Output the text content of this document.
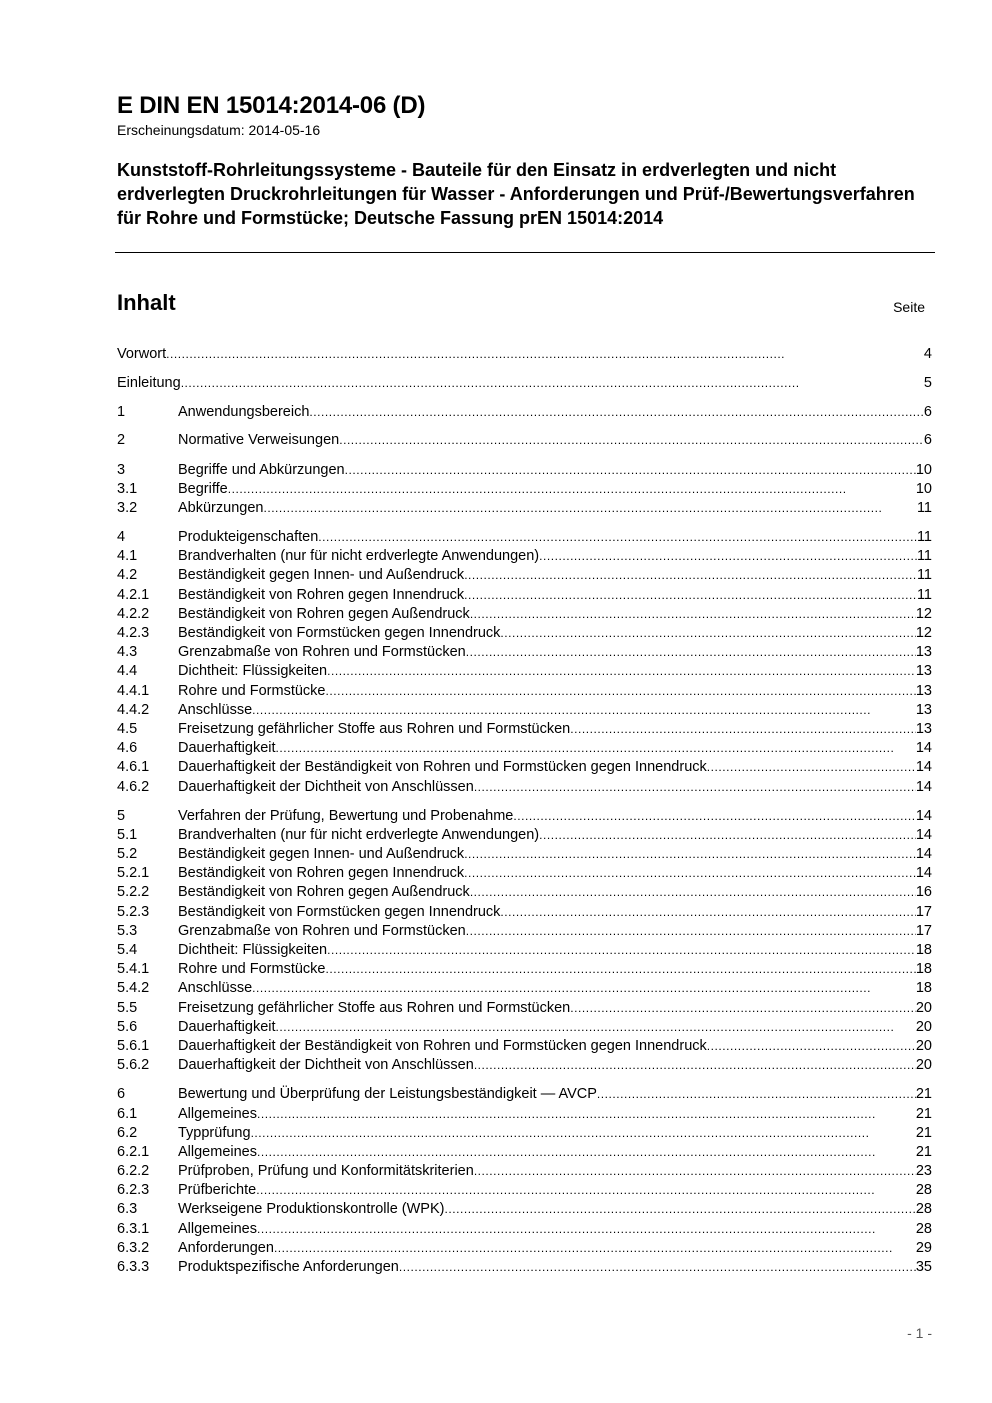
E DIN EN 15014:2014-06 (D)

Erscheinungsdatum: 2014-05-16

Kunststoff-Rohrleitungssysteme - Bauteile für den Einsatz in erdverlegten und nicht erdverlegten Druckrohrleitungen für Wasser - Anforderungen und Prüf-/Bewertungsverfahren für Rohre und Formstücke; Deutsche Fassung prEN 15014:2014
Inhalt	Seite

Vorwort . . .	4
Einleitung . . .	5
1	Anwendungsbereich . . .	6
2	Normative Verweisungen . . .	6
3	Begriffe und Abkürzungen . . .	10
3.1	Begriffe . . .	10
3.2	Abkürzungen . . .	11
4	Produkteigenschaften . . .	11
4.1	Brandverhalten (nur für nicht erdverlegte Anwendungen) . . .	11
4.2	Beständigkeit gegen Innen- und Außendruck . . .	11
4.2.1	Beständigkeit von Rohren gegen Innendruck . . .	11
4.2.2	Beständigkeit von Rohren gegen Außendruck . . .	12
4.2.3	Beständigkeit von Formstücken gegen Innendruck . . .	12
4.3	Grenzabmaße von Rohren und Formstücken . . .	13
4.4	Dichtheit: Flüssigkeiten . . .	13
4.4.1	Rohre und Formstücke . . .	13
4.4.2	Anschlüsse . . .	13
4.5	Freisetzung gefährlicher Stoffe aus Rohren und Formstücken . . .	13
4.6	Dauerhaftigkeit . . .	14
4.6.1	Dauerhaftigkeit der Beständigkeit von Rohren und Formstücken gegen Innendruck . . .	14
4.6.2	Dauerhaftigkeit der Dichtheit von Anschlüssen . . .	14
5	Verfahren der Prüfung, Bewertung und Probenahme . . .	14
5.1	Brandverhalten (nur für nicht erdverlegte Anwendungen) . . .	14
5.2	Beständigkeit gegen Innen- und Außendruck . . .	14
5.2.1	Beständigkeit von Rohren gegen Innendruck . . .	14
5.2.2	Beständigkeit von Rohren gegen Außendruck . . .	16
5.2.3	Beständigkeit von Formstücken gegen Innendruck . . .	17
5.3	Grenzabmaße von Rohren und Formstücken . . .	17
5.4	Dichtheit: Flüssigkeiten . . .	18
5.4.1	Rohre und Formstücke . . .	18
5.4.2	Anschlüsse . . .	18
5.5	Freisetzung gefährlicher Stoffe aus Rohren und Formstücken . . .	20
5.6	Dauerhaftigkeit . . .	20
5.6.1	Dauerhaftigkeit der Beständigkeit von Rohren und Formstücken gegen Innendruck . . .	20
5.6.2	Dauerhaftigkeit der Dichtheit von Anschlüssen . . .	20
6	Bewertung und Überprüfung der Leistungsbeständigkeit — AVCP . . .	21
6.1	Allgemeines . . .	21
6.2	Typprüfung . . .	21
6.2.1	Allgemeines . . .	21
6.2.2	Prüfproben, Prüfung und Konformitätskriterien . . .	23
6.2.3	Prüfberichte . . .	28
6.3	Werkseigene Produktionskontrolle (WPK) . . .	28
6.3.1	Allgemeines . . .	28
6.3.2	Anforderungen . . .	29
6.3.3	Produktspezifische Anforderungen . . .	35
- 1 -
